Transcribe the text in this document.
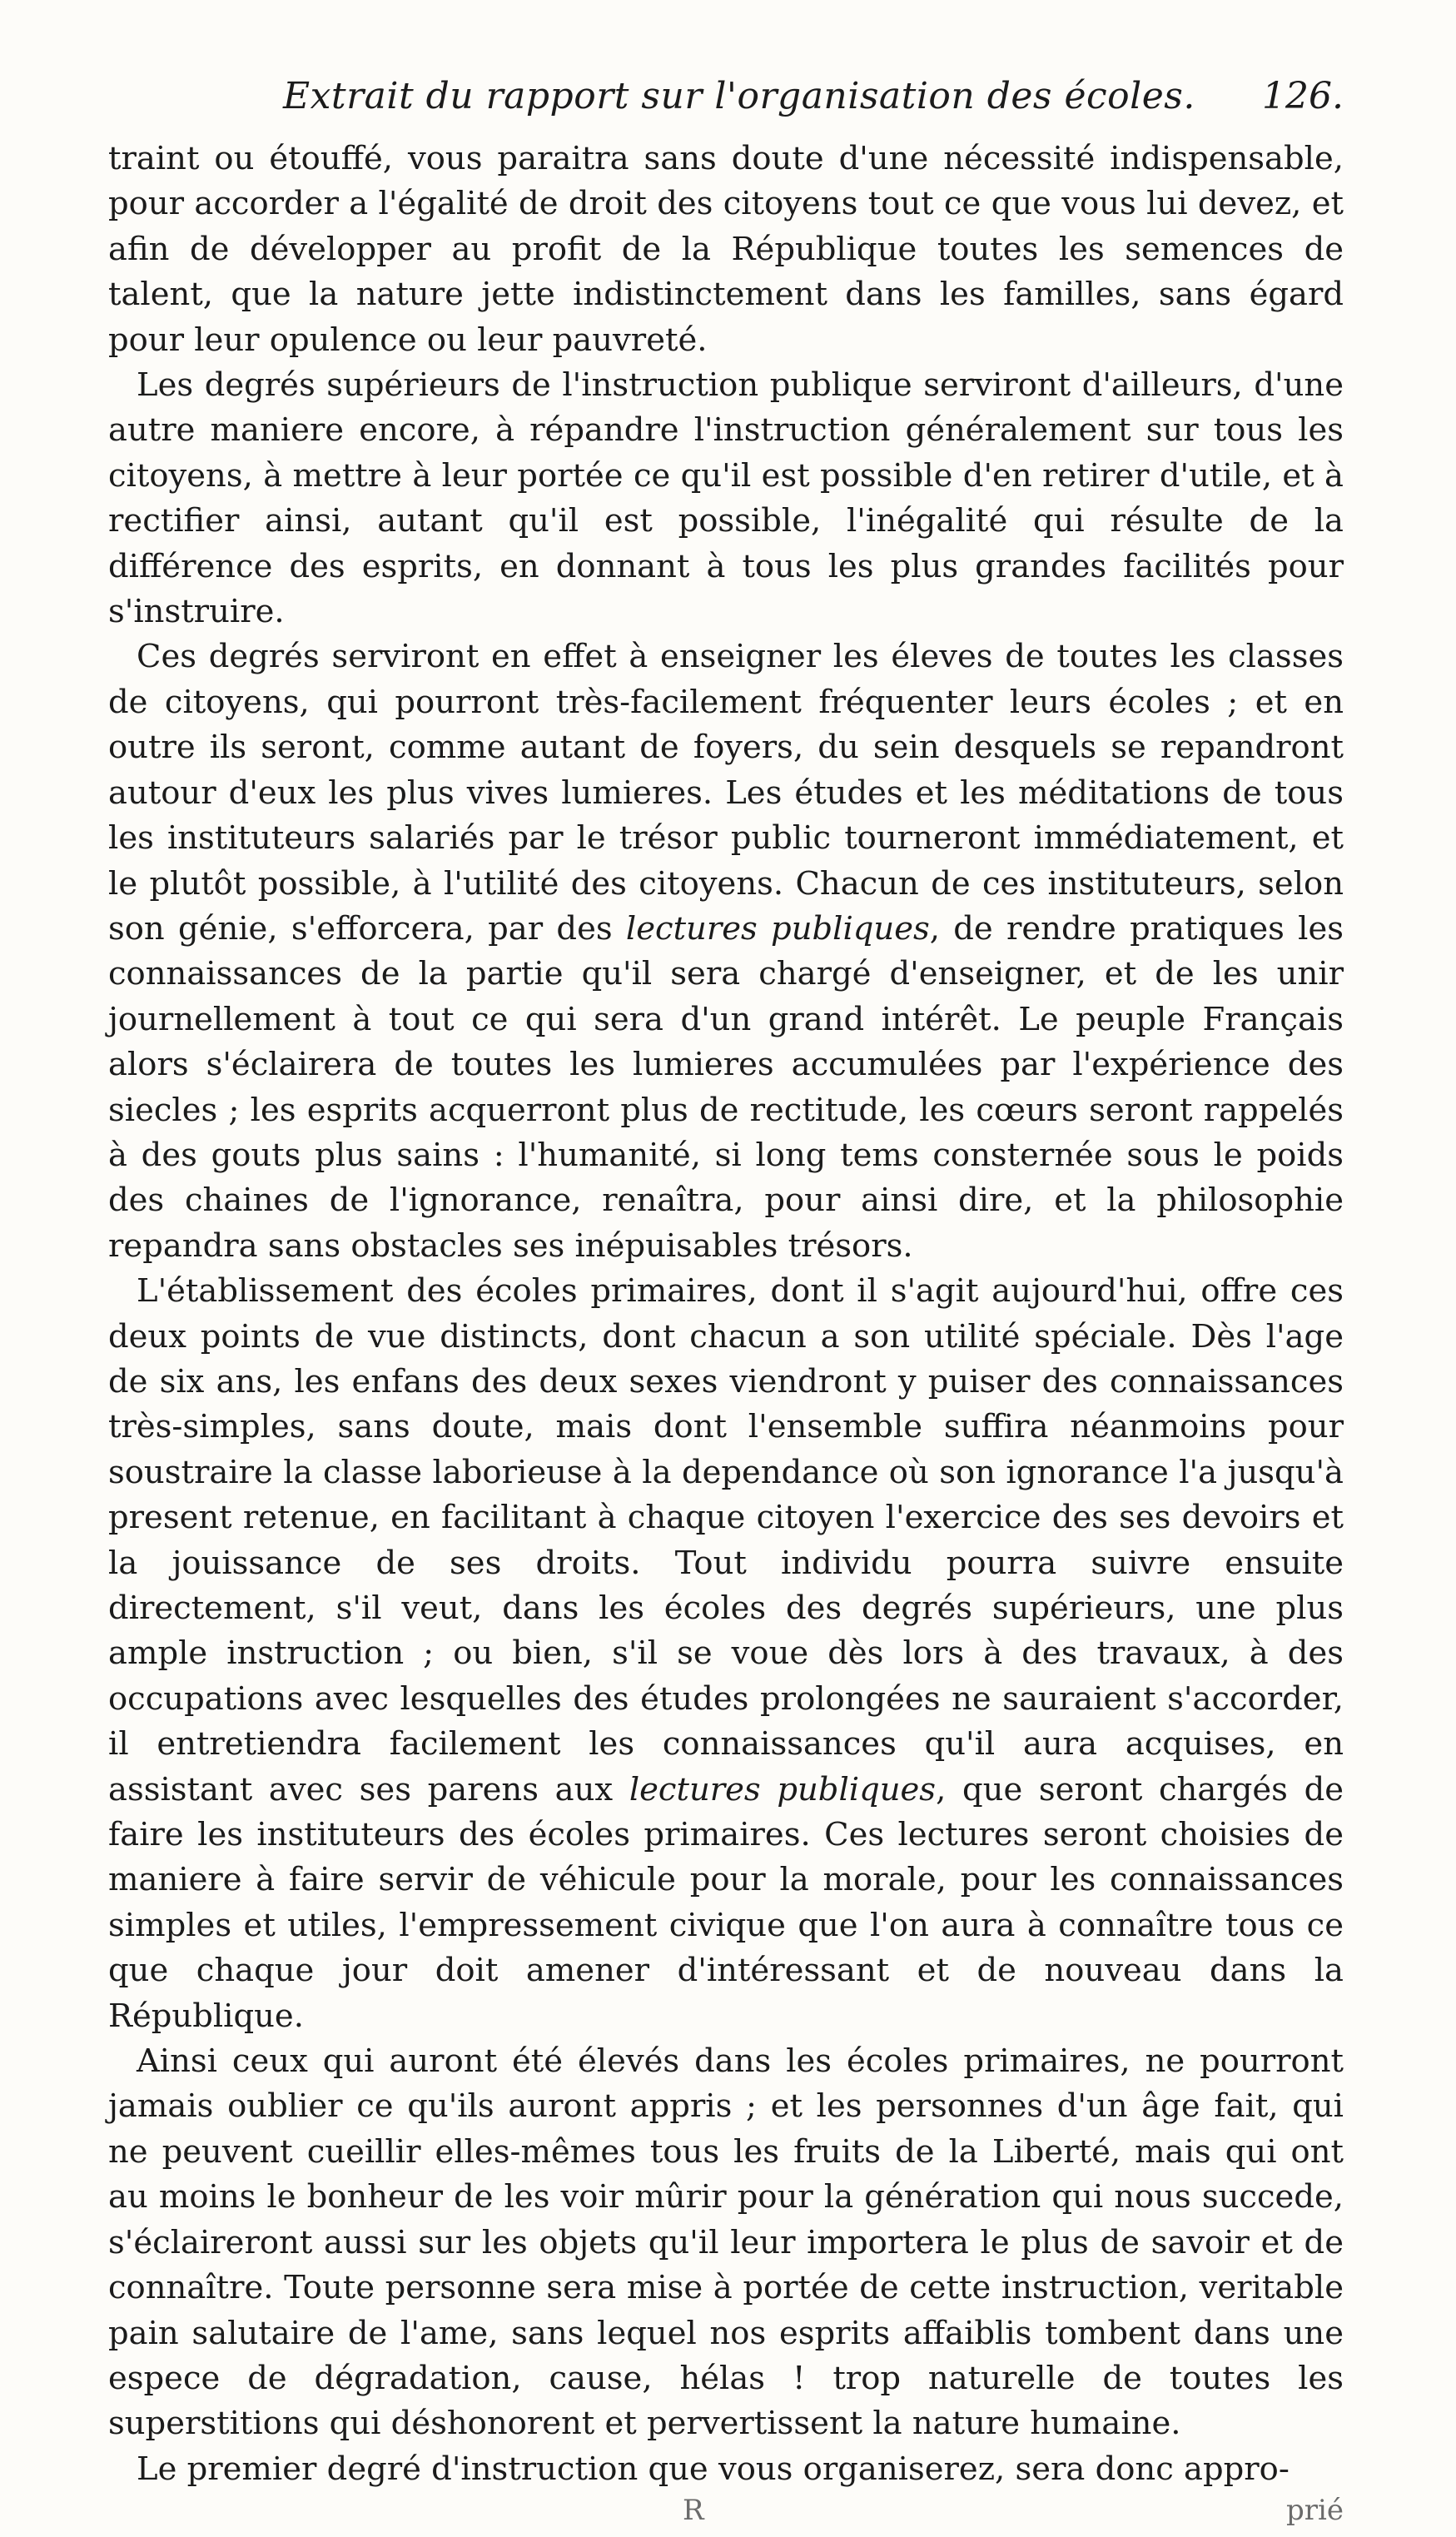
Extrait du rapport sur l'organisation des écoles. 126.

traint ou étouffé, vous paraitra sans doute d'une nécessité indispensable, pour accorder a l'égalité de droit des citoyens tout ce que vous lui devez, et afin de développer au profit de la République toutes les semences de talent, que la nature jette indistinctement dans les familles, sans égard pour leur opulence ou leur pauvreté.

Les degrés supérieurs de l'instruction publique serviront d'ailleurs, d'une autre maniere encore, à répandre l'instruction généralement sur tous les citoyens, à mettre à leur portée ce qu'il est possible d'en retirer d'utile, et à rectifier ainsi, autant qu'il est possible, l'inégalité qui résulte de la différence des esprits, en donnant à tous les plus grandes facilités pour s'instruire.

Ces degrés serviront en effet à enseigner les éleves de toutes les classes de citoyens, qui pourront très-facilement fréquenter leurs écoles ; et en outre ils seront, comme autant de foyers, du sein desquels se repandront autour d'eux les plus vives lumieres. Les études et les méditations de tous les instituteurs salariés par le trésor public tourneront immédiatement, et le plutôt possible, à l'utilité des citoyens. Chacun de ces instituteurs, selon son génie, s'efforcera, par des lectures publiques, de rendre pratiques les connaissances de la partie qu'il sera chargé d'enseigner, et de les unir journellement à tout ce qui sera d'un grand intérêt. Le peuple Français alors s'éclairera de toutes les lumieres accumulées par l'expérience des siecles ; les esprits acquerront plus de rectitude, les cœurs seront rappelés à des gouts plus sains : l'humanité, si long tems consternée sous le poids des chaines de l'ignorance, renaîtra, pour ainsi dire, et la philosophie repandra sans obstacles ses inépuisables trésors.

L'établissement des écoles primaires, dont il s'agit aujourd'hui, offre ces deux points de vue distincts, dont chacun a son utilité spéciale. Dès l'age de six ans, les enfans des deux sexes viendront y puiser des connaissances très-simples, sans doute, mais dont l'ensemble suffira néanmoins pour soustraire la classe laborieuse à la dependance où son ignorance l'a jusqu'à present retenue, en facilitant à chaque citoyen l'exercice des ses devoirs et la jouissance de ses droits. Tout individu pourra suivre ensuite directement, s'il veut, dans les écoles des degrés supérieurs, une plus ample instruction ; ou bien, s'il se voue dès lors à des travaux, à des occupations avec lesquelles des études prolongées ne sauraient s'accorder, il entretiendra facilement les connaissances qu'il aura acquises, en assistant avec ses parens aux lectures publiques, que seront chargés de faire les instituteurs des écoles primaires. Ces lectures seront choisies de maniere à faire servir de véhicule pour la morale, pour les connaissances simples et utiles, l'empressement civique que l'on aura à connaître tous ce que chaque jour doit amener d'intéressant et de nouveau dans la République.

Ainsi ceux qui auront été élevés dans les écoles primaires, ne pourront jamais oublier ce qu'ils auront appris ; et les personnes d'un âge fait, qui ne peuvent cueillir elles-mêmes tous les fruits de la Liberté, mais qui ont au moins le bonheur de les voir mûrir pour la génération qui nous succede, s'éclaireront aussi sur les objets qu'il leur importera le plus de savoir et de connaître. Toute personne sera mise à portée de cette instruction, veritable pain salutaire de l'ame, sans lequel nos esprits affaiblis tombent dans une espece de dégradation, cause, hélas ! trop naturelle de toutes les superstitions qui déshonorent et pervertissent la nature humaine.

Le premier degré d'instruction que vous organiserez, sera donc appro-

R	prié
